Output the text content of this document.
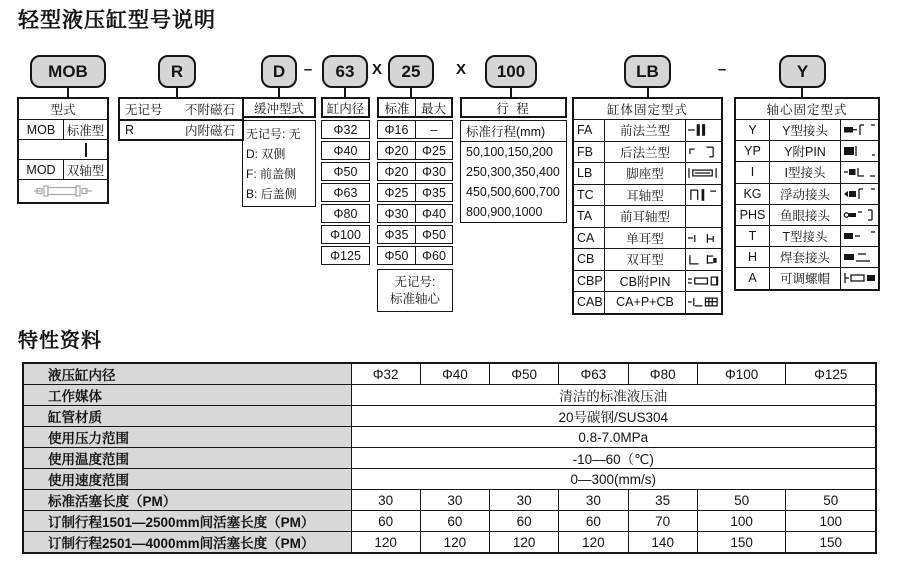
轻型液压缸型号说明
MOB	R	D	–	63	X	25	X	100	LB	–	Y
型式
MOB 标准型
MOD 双轴型
无记号	不附磁石
R	内附磁石
缓冲型式
无记号: 无
D: 双侧
F: 前盖侧
B: 后盖侧
缸内径
Φ32
Φ40
Φ50
Φ63
Φ80
Φ100
Φ125
标准 最大
Φ16	–
Φ20	Φ25
Φ20	Φ30
Φ25	Φ35
Φ30	Φ40
Φ35	Φ50
Φ50	Φ60
无记号:
标准轴心
行 程
标准行程(mm)
50,100,150,200
250,300,350,400
450,500,600,700
800,900,1000
缸体固定型式
FA	前法兰型
FB	后法兰型
LB	脚座型
TC	耳轴型
TA	前耳轴型
CA	单耳型
CB	双耳型
CBP	CB附PIN
CAB	CA+P+CB
轴心固定型式
Y	Y型接头
YP	Y附PIN
I	I型接头
KG	浮动接头
PHS	鱼眼接头
T	T型接头
H	焊套接头
A	可调螺帽
特性资料
液压缸内径	Φ32	Φ40	Φ50	Φ63	Φ80	Φ100	Φ125
工作媒体	清洁的标准液压油						
缸管材质	20号碳钢/SUS304						
使用压力范围	0.8-7.0MPa						
使用温度范围	-10—60（℃)						
使用速度范围	0—300(mm/s)						
标准活塞长度（PM）	30	30	30	30	35	50	50
订制行程1501—2500mm间活塞长度（PM）	60	60	60	60	70	100	100
订制行程2501—4000mm间活塞长度（PM）	120	120	120	120	140	150	150
